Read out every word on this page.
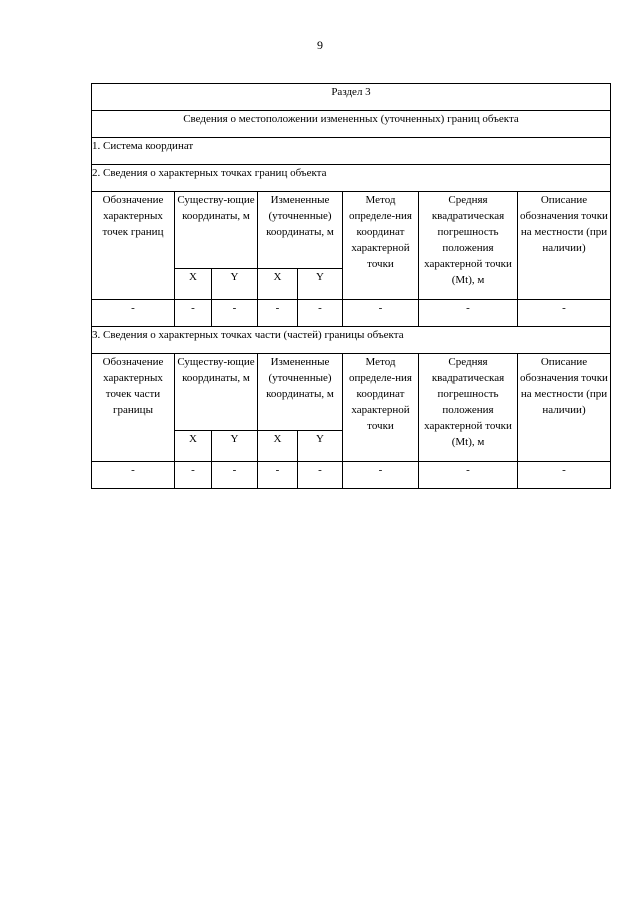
9
Раздел 3							
Сведения о местоположении измененных (уточненных) границ объекта							
1. Система координат							
2. Сведения о характерных точках границ объекта							
Обозначение характерных точек границ	Существу-ющие координаты, м		Измененные (уточненные) координаты, м		Метод определе-ния координат характерной точки	Средняя квадратическая погрешность положения характерной точки (Mt), м	Описание обозначения точки на местности (при наличии)
	X	Y	X	Y			
-	-	-	-	-	-	-	-
3. Сведения о характерных точках части (частей) границы объекта							
Обозначение характерных точек части границы	Существу-ющие координаты, м		Измененные (уточненные) координаты, м		Метод определе-ния координат характерной точки	Средняя квадратическая погрешность положения характерной точки (Mt), м	Описание обозначения точки на местности (при наличии)
	X	Y	X	Y			
-	-	-	-	-	-	-	-
